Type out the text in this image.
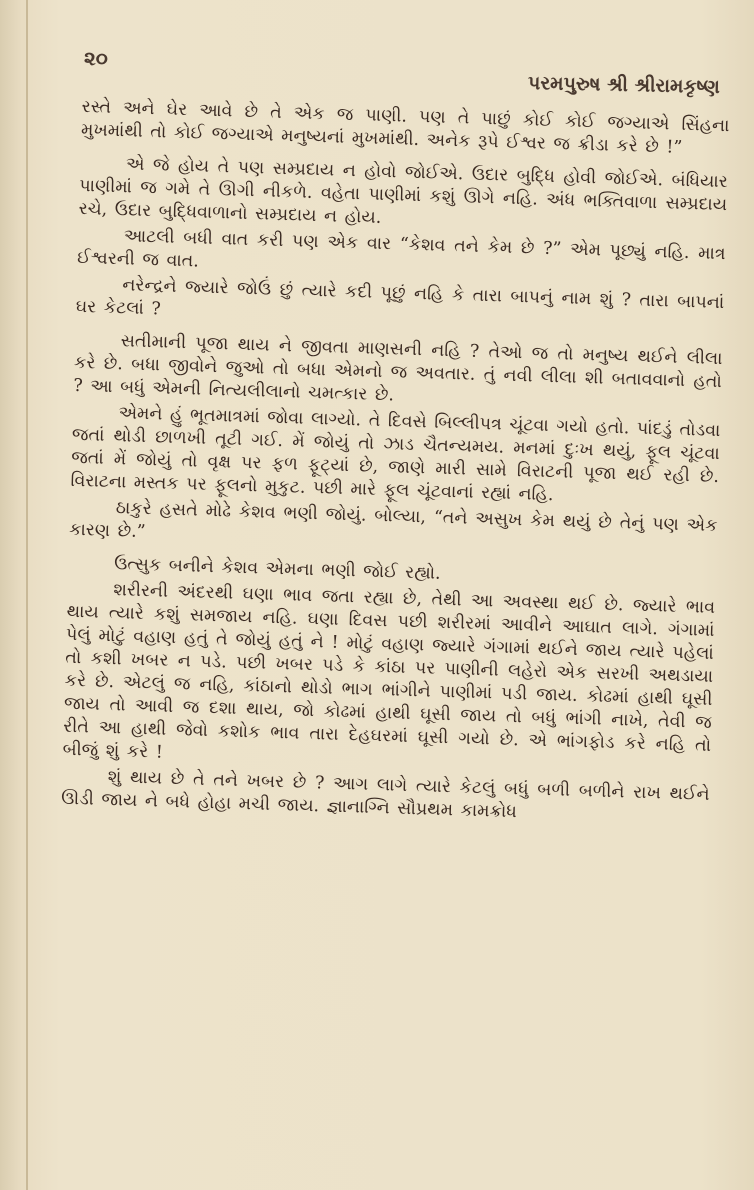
૨૦
પરમપુરુષ શ્રી શ્રીરામકૃષ્ણ

રસ્તે અને ઘેર આવે છે તે એક જ પાણી. પણ તે પાછું કોઈ કોઈ જગ્યાએ સિંહના મુખમાંથી તો કોઈ જગ્યાએ મનુષ્યનાં મુખમાંથી. અનેક રૂપે ઈશ્વર જ ક્રીડા કરે છે !”

એ જે હોય તે પણ સમ્પ્રદાય ન હોવો જોઈએ. ઉદાર બુદ્ધિ હોવી જોઈએ. બંધિયાર પાણીમાં જ ગમે તે ઊગી નીકળે. વહેતા પાણીમાં કશું ઊગે નહિ. અંધ ભક્તિવાળા સમ્પ્રદાય રચે, ઉદાર બુદ્ધિવાળાનો સમ્પ્રદાય ન હોય.

આટલી બધી વાત કરી પણ એક વાર “કેશવ તને કેમ છે ?” એમ પૂછ્યું નહિ. માત્ર ઈશ્વરની જ વાત.

નરેન્દ્રને જ્યારે જોઉં છું ત્યારે કદી પૂછું નહિ કે તારા બાપનું નામ શું ? તારા બાપનાં ઘર કેટલાં ?

સતીમાની પૂજા થાય ને જીવતા માણસની નહિ ? તેઓ જ તો મનુષ્ય થઈને લીલા કરે છે. બધા જીવોને જુઓ તો બધા એમનો જ અવતાર. તું નવી લીલા શી બતાવવાનો હતો ? આ બધું એમની નિત્યલીલાનો ચમત્કાર છે.

એમને હું ભૂતમાત્રમાં જોવા લાગ્યો. તે દિવસે બિલ્લીપત્ર ચૂંટવા ગયો હતો. પાંદડું તોડવા જતાં થોડી છાળખી તૂટી ગઈ. મેં જોયું તો ઝાડ ચૈતન્યમય. મનમાં દુઃખ થયું, ફૂલ ચૂંટવા જતાં મેં જોયું તો વૃક્ષ પર ફળ ફૂટ્યાં છે, જાણે મારી સામે વિરાટની પૂજા થઈ રહી છે. વિરાટના મસ્તક પર ફૂલનો મુકુટ. પછી મારે ફૂલ ચૂંટવાનાં રહ્યાં નહિ.

ઠાકુરે હસતે મોઢે કેશવ ભણી જોયું. બોલ્યા, “તને અસુખ કેમ થયું છે તેનું પણ એક કારણ છે.”

ઉત્સુક બનીને કેશવ એમના ભણી જોઈ રહ્યો.

શરીરની અંદરથી ઘણા ભાવ જતા રહ્યા છે, તેથી આ અવસ્થા થઈ છે. જ્યારે ભાવ થાય ત્યારે કશું સમજાય નહિ. ઘણા દિવસ પછી શરીરમાં આવીને આઘાત લાગે. ગંગામાં પેલું મોટું વહાણ હતું તે જોયું હતું ને ! મોટું વહાણ જ્યારે ગંગામાં થઈને જાય ત્યારે પહેલાં તો કશી ખબર ન પડે. પછી ખબર પડે કે કાંઠા પર પાણીની લહેરો એક સરખી અથડાયા કરે છે. એટલું જ નહિ, કાંઠાનો થોડો ભાગ ભાંગીને પાણીમાં પડી જાય. કોઢમાં હાથી ઘૂસી જાય તો આવી જ દશા થાય, જો કોઢમાં હાથી ઘૂસી જાય તો બધું ભાંગી નાખે, તેવી જ રીતે આ હાથી જેવો કશોક ભાવ તારા દેહઘરમાં ઘૂસી ગયો છે. એ ભાંગફોડ કરે નહિ તો બીજું શું કરે !

શું થાય છે તે તને ખબર છે ? આગ લાગે ત્યારે કેટલું બધું બળી બળીને રાખ થઈને ઊડી જાય ને બધે હોહા મચી જાય. જ્ઞાનાગ્નિ સૌપ્રથમ કામક્રોધ
